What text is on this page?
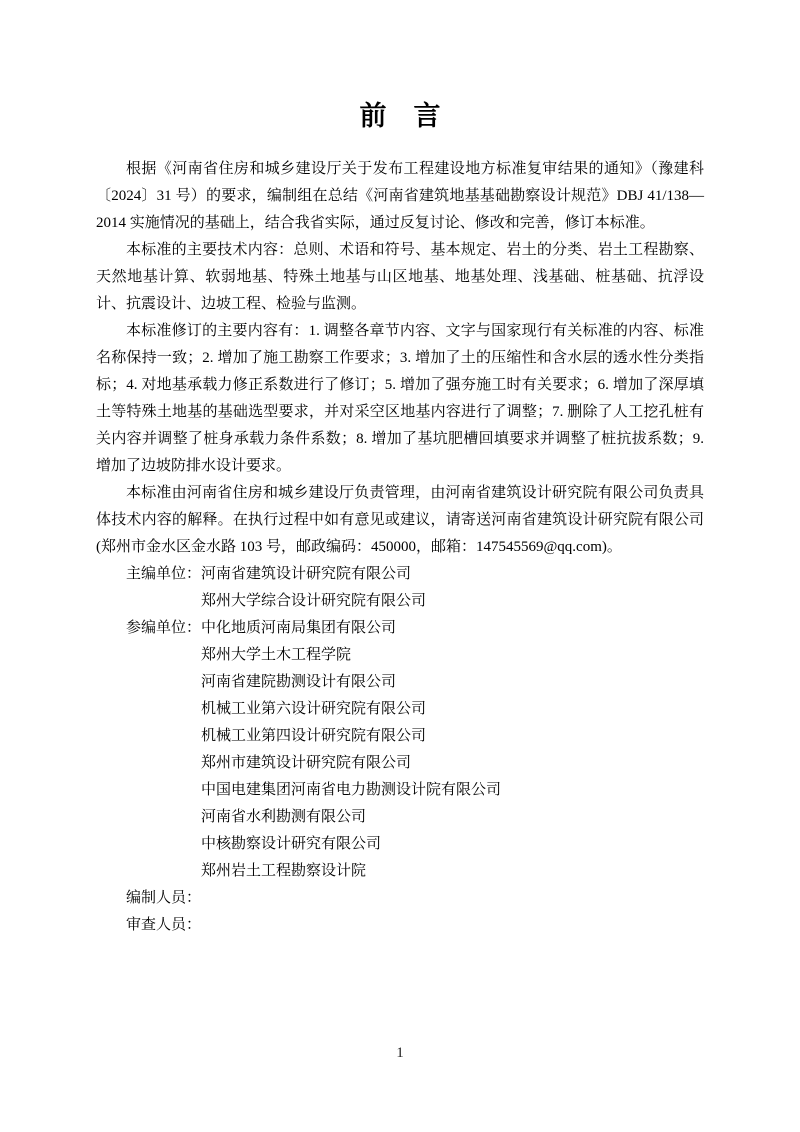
前　言

根据《河南省住房和城乡建设厅关于发布工程建设地方标准复审结果的通知》（豫建科〔2024〕31 号）的要求，编制组在总结《河南省建筑地基基础勘察设计规范》DBJ 41/138—2014 实施情况的基础上，结合我省实际，通过反复讨论、修改和完善，修订本标准。

本标准的主要技术内容：总则、术语和符号、基本规定、岩土的分类、岩土工程勘察、天然地基计算、软弱地基、特殊土地基与山区地基、地基处理、浅基础、桩基础、抗浮设计、抗震设计、边坡工程、检验与监测。

本标准修订的主要内容有：1. 调整各章节内容、文字与国家现行有关标准的内容、标准名称保持一致；2. 增加了施工勘察工作要求；3. 增加了土的压缩性和含水层的透水性分类指标；4. 对地基承载力修正系数进行了修订；5. 增加了强夯施工时有关要求；6. 增加了深厚填土等特殊土地基的基础选型要求，并对采空区地基内容进行了调整；7. 删除了人工挖孔桩有关内容并调整了桩身承载力条件系数；8. 增加了基坑肥槽回填要求并调整了桩抗拔系数；9. 增加了边坡防排水设计要求。

本标准由河南省住房和城乡建设厅负责管理，由河南省建筑设计研究院有限公司负责具体技术内容的解释。在执行过程中如有意见或建议，请寄送河南省建筑设计研究院有限公司(郑州市金水区金水路 103 号，邮政编码：450000，邮箱：147545569@qq.com)。

主编单位： 河南省建筑设计研究院有限公司
郑州大学综合设计研究院有限公司
参编单位： 中化地质河南局集团有限公司
郑州大学土木工程学院
河南省建院勘测设计有限公司
机械工业第六设计研究院有限公司
机械工业第四设计研究院有限公司
郑州市建筑设计研究院有限公司
中国电建集团河南省电力勘测设计院有限公司
河南省水利勘测有限公司
中核勘察设计研究有限公司
郑州岩土工程勘察设计院
编制人员：
审查人员：
1
